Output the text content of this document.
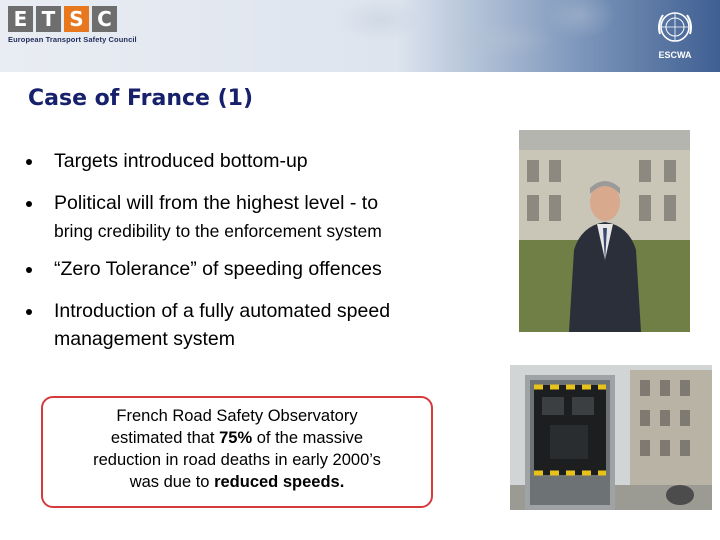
E T S C
European Transport Safety Council
ESCWA
Case of France (1)
Targets introduced bottom-up
Political will from the highest level - to
bring credibility to the enforcement system
“Zero Tolerance” of speeding offences
Introduction of a fully automated speed
management system
French Road Safety Observatory
estimated that 75% of the massive
reduction in road deaths in early 2000’s
was due to reduced speeds.
